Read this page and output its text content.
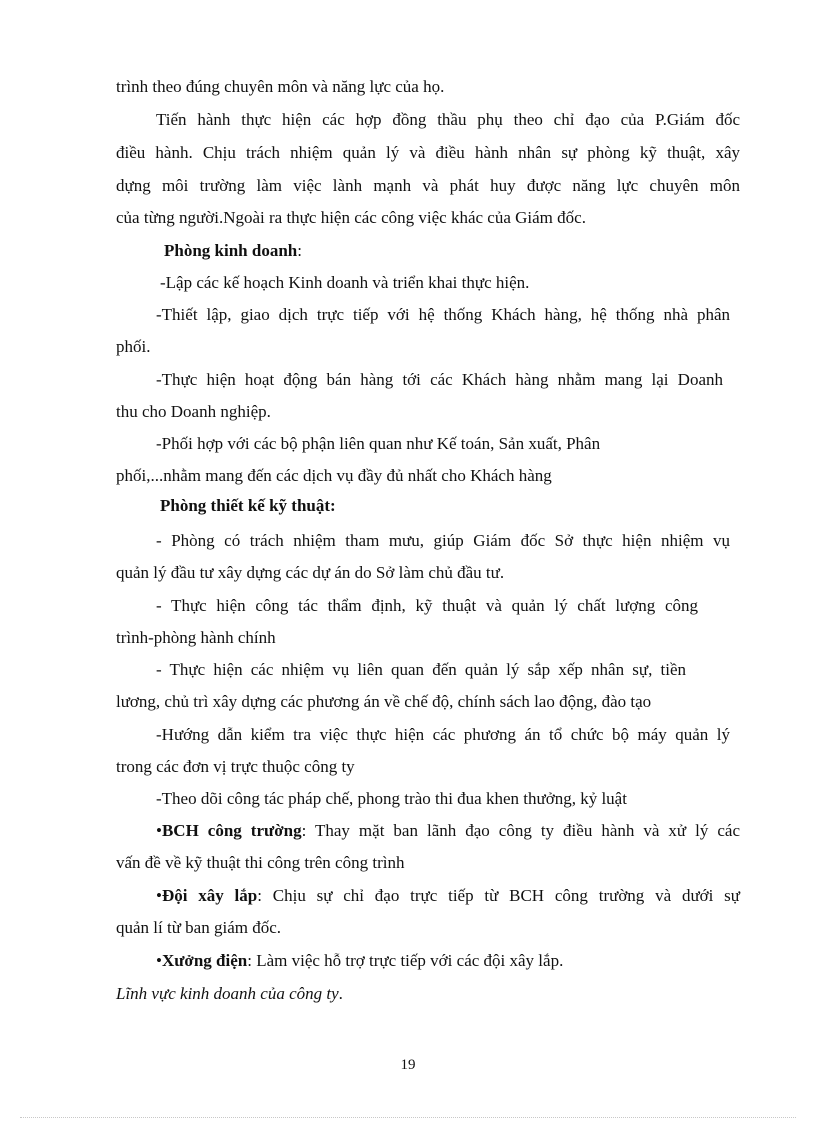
trình theo đúng chuyên môn và năng lực của họ.
Tiến hành thực hiện các hợp đồng thầu phụ theo chỉ đạo của P.Giám đốc
điều hành. Chịu trách nhiệm quản lý và điều hành nhân sự phòng kỹ thuật, xây
dựng môi trường làm việc lành mạnh và phát huy được năng lực chuyên môn
của từng người.Ngoài ra thực hiện các công việc khác của Giám đốc.
Phòng kinh doanh:
-Lập các kế hoạch Kinh doanh và triển khai thực hiện.
-Thiết lập, giao dịch trực tiếp với hệ thống Khách hàng, hệ thống nhà phân
phối.
-Thực hiện hoạt động bán hàng tới các Khách hàng nhằm mang lại Doanh
thu cho Doanh nghiệp.
-Phối hợp với các bộ phận liên quan như Kế toán, Sản xuất, Phân
phối,...nhằm mang đến các dịch vụ đầy đủ nhất cho Khách hàng
Phòng thiết kế kỹ thuật:
- Phòng có trách nhiệm tham mưu, giúp Giám đốc Sở thực hiện nhiệm vụ
quản lý đầu tư xây dựng các dự án do Sở làm chủ đầu tư.
- Thực hiện công tác thẩm định, kỹ thuật và quản lý chất lượng công
trình-phòng hành chính
- Thực hiện các nhiệm vụ liên quan đến quản lý sắp xếp nhân sự, tiền
lương, chủ trì xây dựng các phương án về chế độ, chính sách lao động, đào tạo
-Hướng dẫn kiểm tra việc thực hiện các phương án tổ chức bộ máy quản lý
trong các đơn vị trực thuộc công ty
-Theo dõi công tác pháp chế, phong trào thi đua khen thưởng, kỷ luật
•BCH công trường: Thay mặt ban lãnh đạo công ty điều hành và xử lý các
vấn đề về kỹ thuật thi công trên công trình
•Đội xây lắp: Chịu sự chỉ đạo trực tiếp từ BCH công trường và dưới sự
quản lí từ ban giám đốc.
•Xưởng điện: Làm việc hỗ trợ trực tiếp với các đội xây lắp.
Lĩnh vực kinh doanh của công ty.
19
